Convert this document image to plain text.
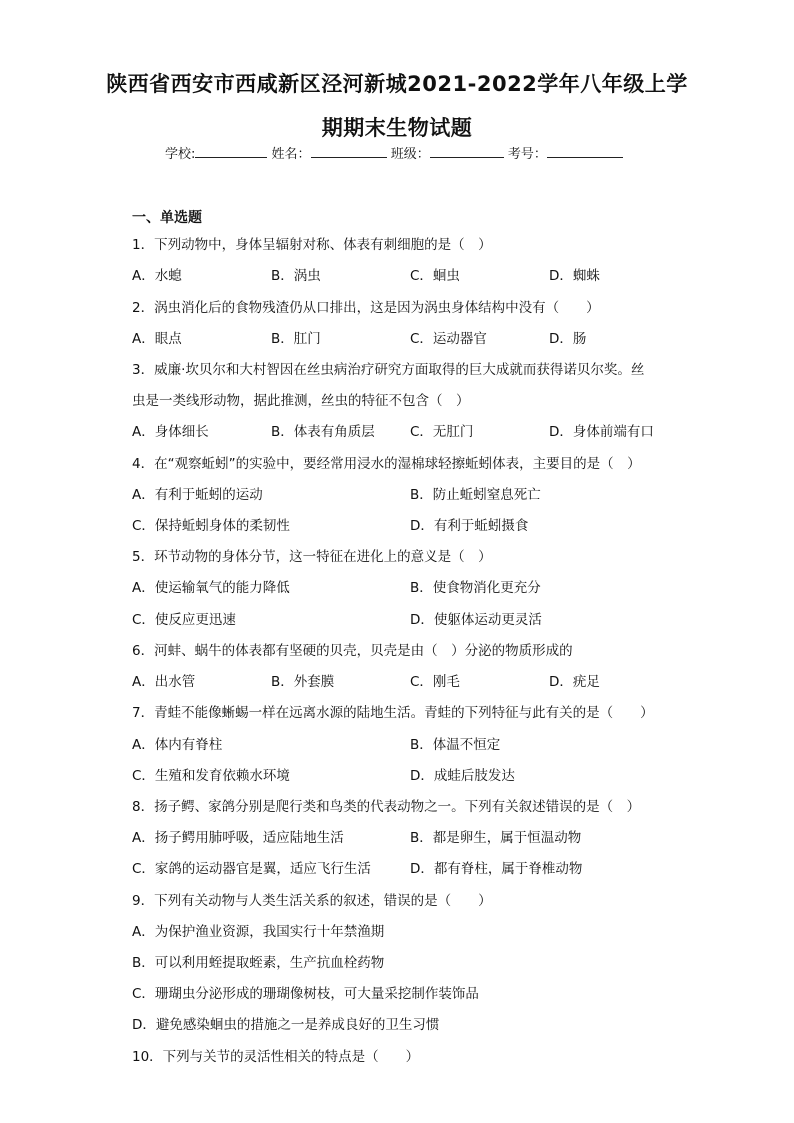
陕西省西安市西咸新区泾河新城2021-2022学年八年级上学
期期末生物试题
学校:	姓名：	班级：	考号：
一、单选题
1．下列动物中，身体呈辐射对称、体表有刺细胞的是（　）
A．水螅	B．涡虫	C．蛔虫	D．蜘蛛
2．涡虫消化后的食物残渣仍从口排出，这是因为涡虫身体结构中没有（　　）
A．眼点	B．肛门	C．运动器官	D．肠
3．威廉·坎贝尔和大村智因在丝虫病治疗研究方面取得的巨大成就而获得诺贝尔奖。丝
虫是一类线形动物，据此推测，丝虫的特征不包含（　）
A．身体细长	B．体表有角质层	C．无肛门	D．身体前端有口
4．在“观察蚯蚓”的实验中，要经常用浸水的湿棉球轻擦蚯蚓体表，主要目的是（　）
A．有利于蚯蚓的运动	B．防止蚯蚓窒息死亡
C．保持蚯蚓身体的柔韧性	D．有利于蚯蚓摄食
5．环节动物的身体分节，这一特征在进化上的意义是（　）
A．使运输氧气的能力降低	B．使食物消化更充分
C．使反应更迅速	D．使躯体运动更灵活
6．河蚌、蜗牛的体表都有坚硬的贝壳，贝壳是由（　）分泌的物质形成的
A．出水管	B．外套膜	C．刚毛	D．疣足
7．青蛙不能像蜥蜴一样在远离水源的陆地生活。青蛙的下列特征与此有关的是（　　）
A．体内有脊柱	B．体温不恒定
C．生殖和发育依赖水环境	D．成蛙后肢发达
8．扬子鳄、家鸽分别是爬行类和鸟类的代表动物之一。下列有关叙述错误的是（　）
A．扬子鳄用肺呼吸，适应陆地生活	B．都是卵生，属于恒温动物
C．家鸽的运动器官是翼，适应飞行生活	D．都有脊柱，属于脊椎动物
9．下列有关动物与人类生活关系的叙述，错误的是（　　）
A．为保护渔业资源，我国实行十年禁渔期
B．可以利用蛭提取蛭素，生产抗血栓药物
C．珊瑚虫分泌形成的珊瑚像树枝，可大量采挖制作装饰品
D．避免感染蛔虫的措施之一是养成良好的卫生习惯
10．下列与关节的灵活性相关的特点是（　　）
